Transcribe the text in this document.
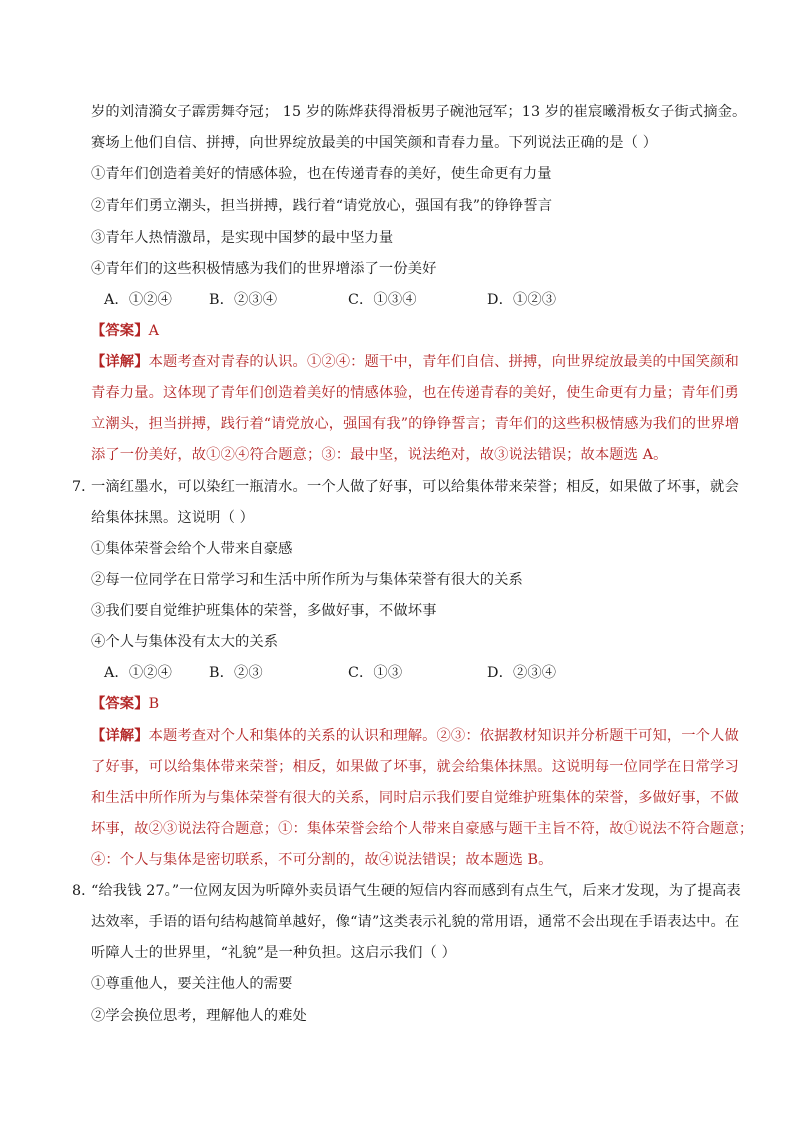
岁的刘清漪女子霹雳舞夺冠； 15 岁的陈烨获得滑板男子碗池冠军；13 岁的崔宸曦滑板女子街式摘金。
赛场上他们自信、拼搏，向世界绽放最美的中国笑颜和青春力量。下列说法正确的是（ ）
①青年们创造着美好的情感体验，也在传递青春的美好，使生命更有力量
②青年们勇立潮头，担当拼搏，践行着“请党放心，强国有我”的铮铮誓言
③青年人热情激昂，是实现中国梦的最中坚力量
④青年们的这些积极情感为我们的世界增添了一份美好
A．①②④	B．②③④	C．①③④	D．①②③
【答案】A
【详解】本题考查对青春的认识。①②④：题干中，青年们自信、拼搏，向世界绽放最美的中国笑颜和
青春力量。这体现了青年们创造着美好的情感体验，也在传递青春的美好，使生命更有力量；青年们勇
立潮头，担当拼搏，践行着“请党放心，强国有我”的铮铮誓言；青年们的这些积极情感为我们的世界增
添了一份美好，故①②④符合题意；③：最中坚，说法绝对，故③说法错误；故本题选 A。
7．
一滴红墨水，可以染红一瓶清水。一个人做了好事，可以给集体带来荣誉；相反，如果做了坏事，就会
给集体抹黑。这说明（ ）
①集体荣誉会给个人带来自豪感
②每一位同学在日常学习和生活中所作所为与集体荣誉有很大的关系
③我们要自觉维护班集体的荣誉，多做好事，不做坏事
④个人与集体没有太大的关系
A．①②④	B．②③	C．①③	D．②③④
【答案】B
【详解】本题考查对个人和集体的关系的认识和理解。②③：依据教材知识并分析题干可知，一个人做
了好事，可以给集体带来荣誉；相反，如果做了坏事，就会给集体抹黑。这说明每一位同学在日常学习
和生活中所作所为与集体荣誉有很大的关系，同时启示我们要自觉维护班集体的荣誉，多做好事，不做
坏事，故②③说法符合题意；①：集体荣誉会给个人带来自豪感与题干主旨不符，故①说法不符合题意；
④：个人与集体是密切联系，不可分割的，故④说法错误；故本题选 B。
8．
“给我钱 27。”一位网友因为听障外卖员语气生硬的短信内容而感到有点生气，后来才发现，为了提高表
达效率，手语的语句结构越简单越好，像“请”这类表示礼貌的常用语，通常不会出现在手语表达中。在
听障人士的世界里，“礼貌”是一种负担。这启示我们（ ）
①尊重他人，要关注他人的需要
②学会换位思考，理解他人的难处
